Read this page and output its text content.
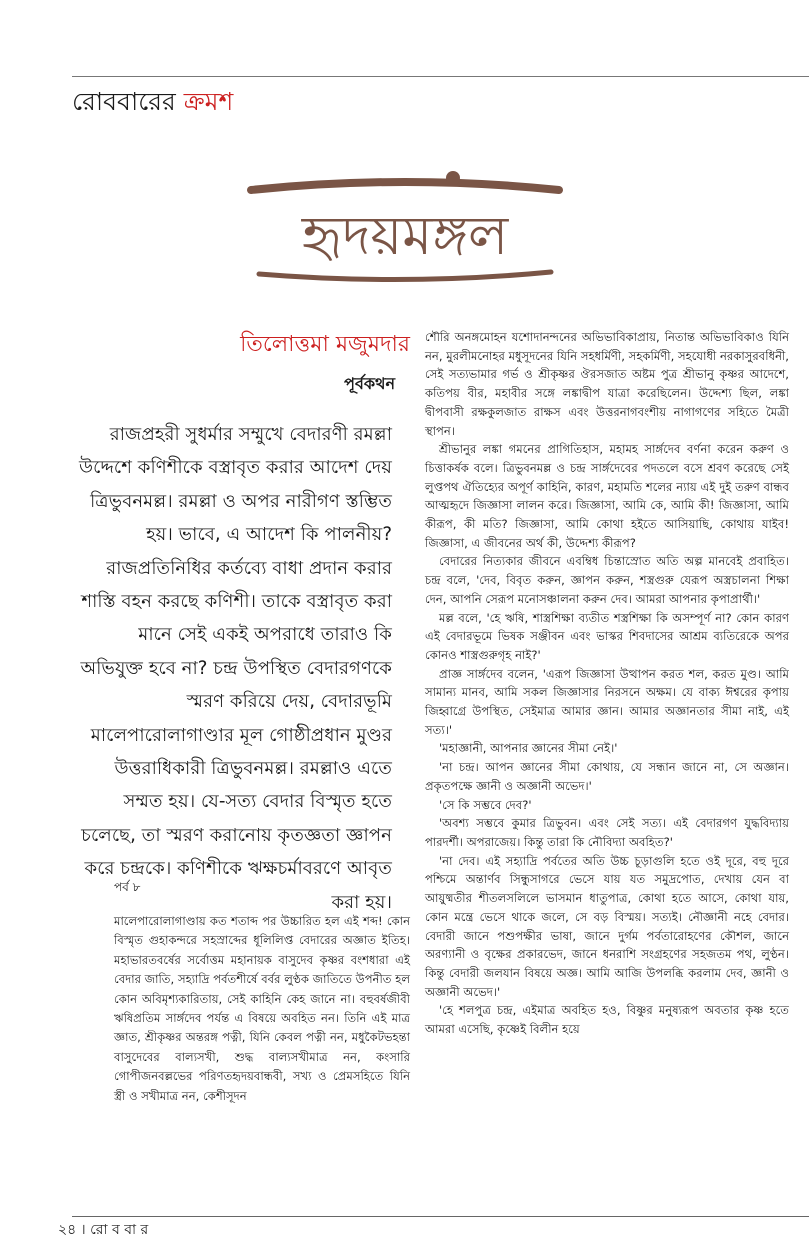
রোববারের ক্রমশ
হৃদয়মঙ্গল
তিলোত্তমা মজুমদার
পূর্বকথন
রাজপ্রহরী সুধর্মার সম্মুখে বেদারণী রমল্লা উদ্দেশে কণিশীকে বস্ত্রাবৃত করার আদেশ দেয় ত্রিভুবনমল্ল। রমল্লা ও অপর নারীগণ স্তম্ভিত হয়। ভাবে, এ আদেশ কি পালনীয়? রাজপ্রতিনিধির কর্তব্যে বাধা প্রদান করার শাস্তি বহন করছে কণিশী। তাকে বস্ত্রাবৃত করা মানে সেই একই অপরাধে তারাও কি অভিযুক্ত হবে না? চন্দ্র উপস্থিত বেদারগণকে স্মরণ করিয়ে দেয়, বেদারভূমি মালেপারোলাগাণ্ডার মূল গোষ্ঠীপ্রধান মুণ্ডর উত্তরাধিকারী ত্রিভুবনমল্ল। রমল্লাও এতে সম্মত হয়। যে-সত্য বেদার বিস্মৃত হতে চলেছে, তা স্মরণ করানোয় কৃতজ্ঞতা জ্ঞাপন করে চন্দ্রকে। কণিশীকে ঋক্ষচর্মাবরণে আবৃত করা হয়।
পর্ব ৮
মালেপারোলাগাণ্ডায় কত শতাব্দ পর উচ্চারিত হল এই শব্দ! কোন বিস্মৃত গুহাকন্দরে সহস্রাব্দের ধূলিলিপ্ত বেদারের অজ্ঞাত ইতিহ। মহাভারতবর্ষের সর্বোত্তম মহানায়ক বাসুদেব কৃষ্ণর বংশধারা এই বেদার জাতি, সহ্যাদ্রি পর্বতশীর্ষে বর্বর লুণ্ঠক জাতিতে উপনীত হল কোন অবিমৃশ্যকারিতায়, সেই কাহিনি কেহ জানে না। বহুবর্ষজীবী ঋষিপ্রতিম সার্ঙ্গদেব পর্যন্ত এ বিষয়ে অবহিত নন। তিনি এই মাত্র জ্ঞাত, শ্রীকৃষ্ণর অন্তরঙ্গ পত্নী, যিনি কেবল পত্নী নন, মধুকৈটভহন্তা বাসুদেবের বাল্যসখী, শুদ্ধ বাল্যসখীমাত্র নন, কংসারি গোপীজনবল্লভের পরিণতহৃদয়বান্ধবী, সখ্য ও প্রেমসহিতে যিনি স্ত্রী ও সখীমাত্র নন, কেশীসূদন

শৌরি অনঙ্গমোহন যশোদানন্দনের অভিভাবিকাপ্রায়, নিতান্ত অভিভাবিকাও যিনি নন, মুরলীমনোহর মধুসূদনের যিনি সহধর্মিণী, সহকর্মিণী, সহযোধী নরকাসুরবধিনী, সেই সত্যভামার গর্ভ ও শ্রীকৃষ্ণর ঔরসজাত অষ্টম পুত্র শ্রীভানু কৃষ্ণর আদেশে, কতিপয় বীর, মহাবীর সঙ্গে লঙ্কাদ্বীপ যাত্রা করেছিলেন। উদ্দেশ্য ছিল, লঙ্কা দ্বীপবাসী রক্ষকুলজাত রাক্ষস এবং উত্তরনাগবংশীয় নাগাগণের সহিতে মৈত্রী স্থাপন।

শ্রীভানুর লঙ্কা গমনের প্রাগিতিহাস, মহামহ সার্ঙ্গদেব বর্ণনা করেন করুণ ও চিত্তাকর্ষক বলে। ত্রিভুবনমল্ল ও চন্দ্র সার্ঙ্গদেবের পদতলে বসে শ্রবণ করেছে সেই লুপ্তপথ ঐতিহ্যের অপূর্ণ কাহিনি, কারণ, মহামতি শলের ন্যায় এই দুই তরুণ বান্ধব আত্মহৃদে জিজ্ঞাসা লালন করে। জিজ্ঞাসা, আমি কে, আমি কী! জিজ্ঞাসা, আমি কীরূপ, কী মতি? জিজ্ঞাসা, আমি কোথা হইতে আসিয়াছি, কোথায় যাইব! জিজ্ঞাসা, এ জীবনের অর্থ কী, উদ্দেশ্য কীরূপ?

বেদারের নিত্যকার জীবনে এবম্বিধ চিন্তাস্রোত অতি অল্প মানবেই প্রবাহিত। চন্দ্র বলে, 'দেব, বিবৃত করুন, জ্ঞাপন করুন, শস্ত্রগুরু যেরূপ অস্ত্রচালনা শিক্ষা দেন, আপনি সেরূপ মনোসঞ্চালনা করুন দেব। আমরা আপনার কৃপাপ্রার্থী।'

মল্ল বলে, 'হে ঋষি, শাস্ত্রশিক্ষা ব্যতীত শস্ত্রশিক্ষা কি অসম্পূর্ণ না? কোন কারণ এই বেদারভূমে ভিষক সঞ্জীবন এবং ভাস্কর শিবদাসের আশ্রম ব্যতিরেকে অপর কোনও শাস্ত্রগুরুগৃহ নাই?'

প্রাজ্ঞ সার্ঙ্গদেব বলেন, 'এরূপ জিজ্ঞাসা উত্থাপন করত শল, করত মুণ্ড। আমি সামান্য মানব, আমি সকল জিজ্ঞাসার নিরসনে অক্ষম। যে বাক্য ঈশ্বরের কৃপায় জিহ্বাগ্রে উপস্থিত, সেইমাত্র আমার জ্ঞান। আমার অজ্ঞানতার সীমা নাই, এই সত্য।'

'মহাজ্ঞানী, আপনার জ্ঞানের সীমা নেই।'

'না চন্দ্র। আপন জ্ঞানের সীমা কোথায়, যে সন্ধান জানে না, সে অজ্ঞান। প্রকৃতপক্ষে জ্ঞানী ও অজ্ঞানী অভেদ।'

'সে কি সম্ভবে দেব?'

'অবশ্য সম্ভবে কুমার ত্রিভুবন। এবং সেই সত্য। এই বেদারগণ যুদ্ধবিদ্যায় পারদর্শী। অপরাজেয়। কিন্তু তারা কি নৌবিদ্যা অবহিত?'

'না দেব। এই সহ্যাদ্রি পর্বতের অতি উচ্চ চূড়াগুলি হতে ওই দূরে, বহু দূরে পশ্চিমে অন্তার্ণব সিন্ধুসাগরে ভেসে যায় যত সমুদ্রপোত, দেখায় যেন বা আয়ুষ্মতীর শীতলসলিলে ভাসমান ধাতুপাত্র, কোথা হতে আসে, কোথা যায়, কোন মন্ত্রে ভেসে থাকে জলে, সে বড় বিস্ময়। সত্যই। নৌজ্ঞানী নহে বেদার। বেদারী জানে পশুপক্ষীর ভাষা, জানে দুর্গম পর্বতারোহণের কৌশল, জানে অরণ্যানী ও বৃক্ষের প্রকারভেদ, জানে ধনরাশি সংগ্রহণের সহজতম পথ, লুণ্ঠন। কিন্তু বেদারী জলযান বিষয়ে অজ্ঞ। আমি আজি উপলব্ধি করলাম দেব, জ্ঞানী ও অজ্ঞানী অভেদ।'

'হে শলপুত্র চন্দ্র, এইমাত্র অবহিত হও, বিষ্ণুর মনুষ্যরূপ অবতার কৃষ্ণ হতে আমরা এসেছি, কৃষ্ণেই বিলীন হয়ে

২৪ । রো ব বা র
